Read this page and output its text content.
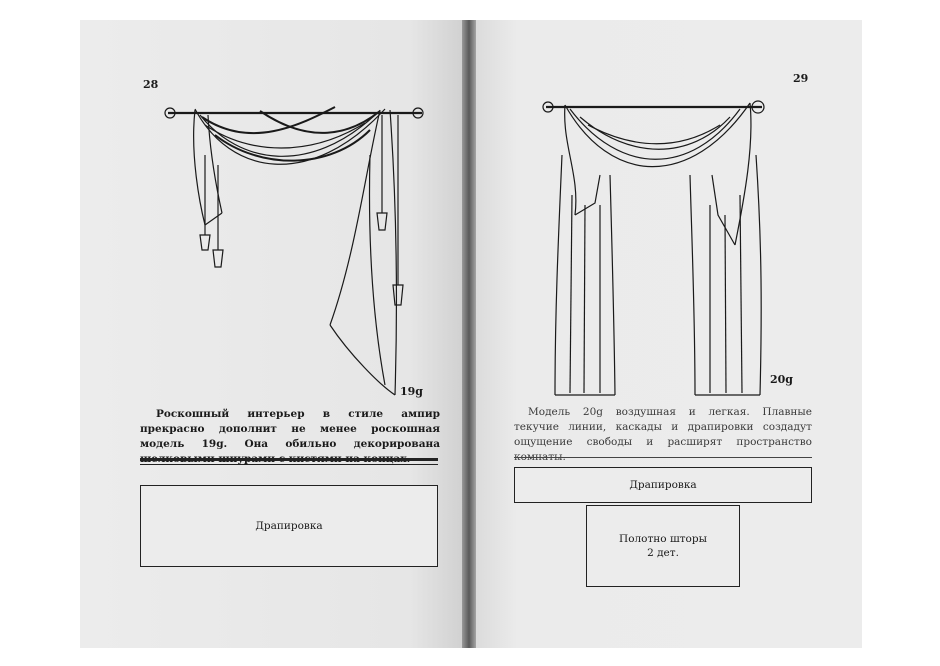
28
19g

Роскошный интерьер в стиле ампир прекрасно дополнит не менее роскошная модель 19g. Она обильно декорирована шелковыми шнурами с кистями на концах.

Драпировка
29
20g

Модель 20g воздушная и легкая. Плавные текучие линии, каскады и драпировки создадут ощущение свободы и расширят пространство комнаты.

Драпировка
Полотно шторы
2 дет.
